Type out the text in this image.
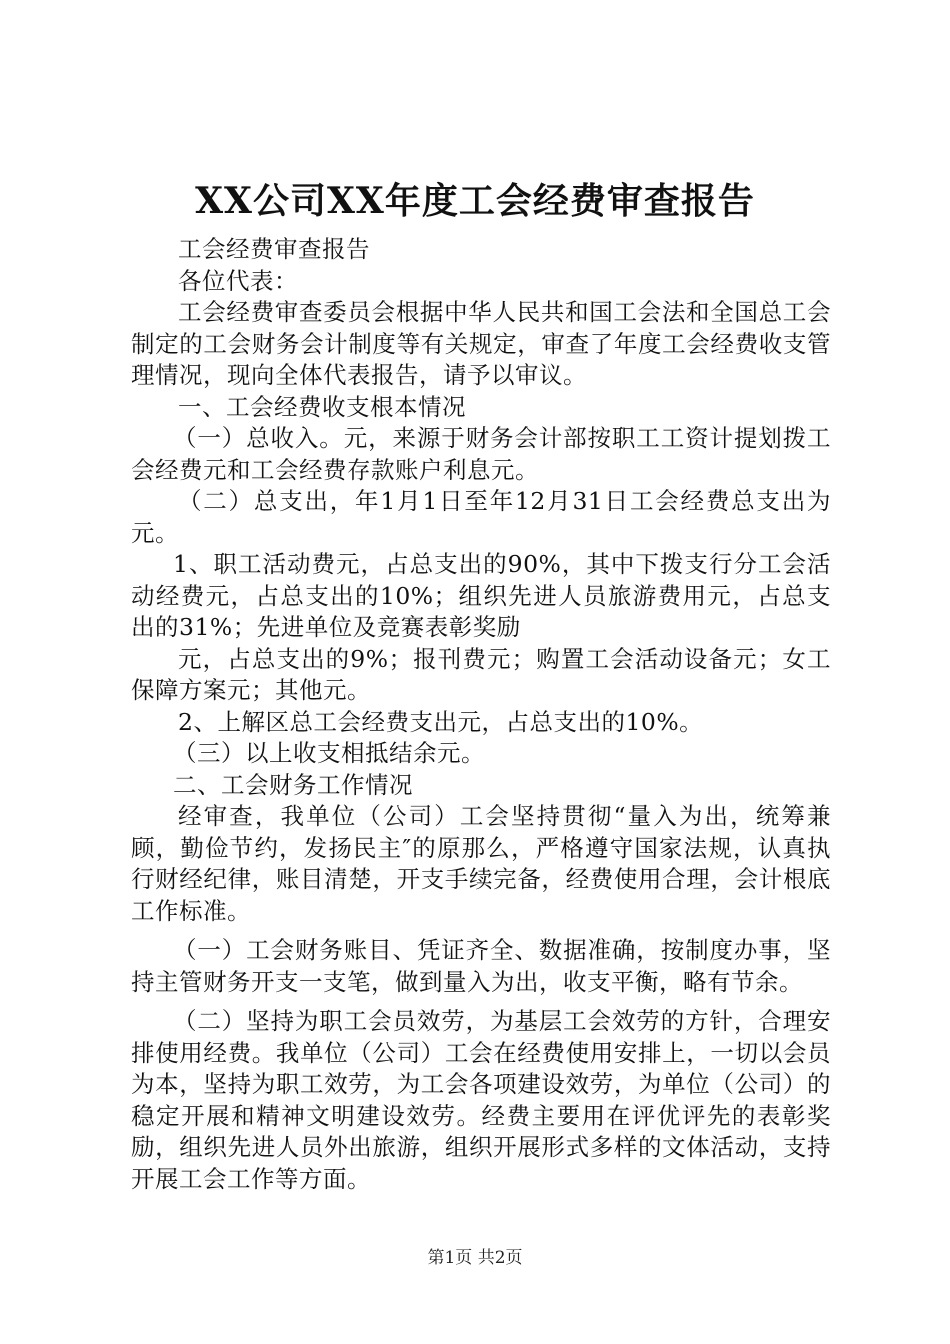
XX公司XX年度工会经费审查报告

工会经费审查报告

各位代表：

工会经费审查委员会根据中华人民共和国工会法和全国总工会制定的工会财务会计制度等有关规定，审查了年度工会经费收支管理情况，现向全体代表报告，请予以审议。

一、工会经费收支根本情况

（一）总收入。元，来源于财务会计部按职工工资计提划拨工会经费元和工会经费存款账户利息元。

（二）总支出，年1月1日至年12月31日工会经费总支出为元。

1、职工活动费元，占总支出的90%，其中下拨支行分工会活动经费元，占总支出的10%；组织先进人员旅游费用元，占总支出的31%；先进单位及竞赛表彰奖励

元，占总支出的9%；报刊费元；购置工会活动设备元；女工保障方案元；其他元。

2、上解区总工会经费支出元，占总支出的10%。

（三）以上收支相抵结余元。

二、工会财务工作情况

经审查，我单位（公司）工会坚持贯彻“量入为出，统筹兼顾，勤俭节约，发扬民主″的原那么，严格遵守国家法规，认真执行财经纪律，账目清楚，开支手续完备，经费使用合理，会计根底工作标准。

（一）工会财务账目、凭证齐全、数据准确，按制度办事，坚持主管财务开支一支笔，做到量入为出，收支平衡，略有节余。

（二）坚持为职工会员效劳，为基层工会效劳的方针，合理安排使用经费。我单位（公司）工会在经费使用安排上，一切以会员为本，坚持为职工效劳，为工会各项建设效劳，为单位（公司）的稳定开展和精神文明建设效劳。经费主要用在评优评先的表彰奖励，组织先进人员外出旅游，组织开展形式多样的文体活动，支持开展工会工作等方面。

第1页 共2页
